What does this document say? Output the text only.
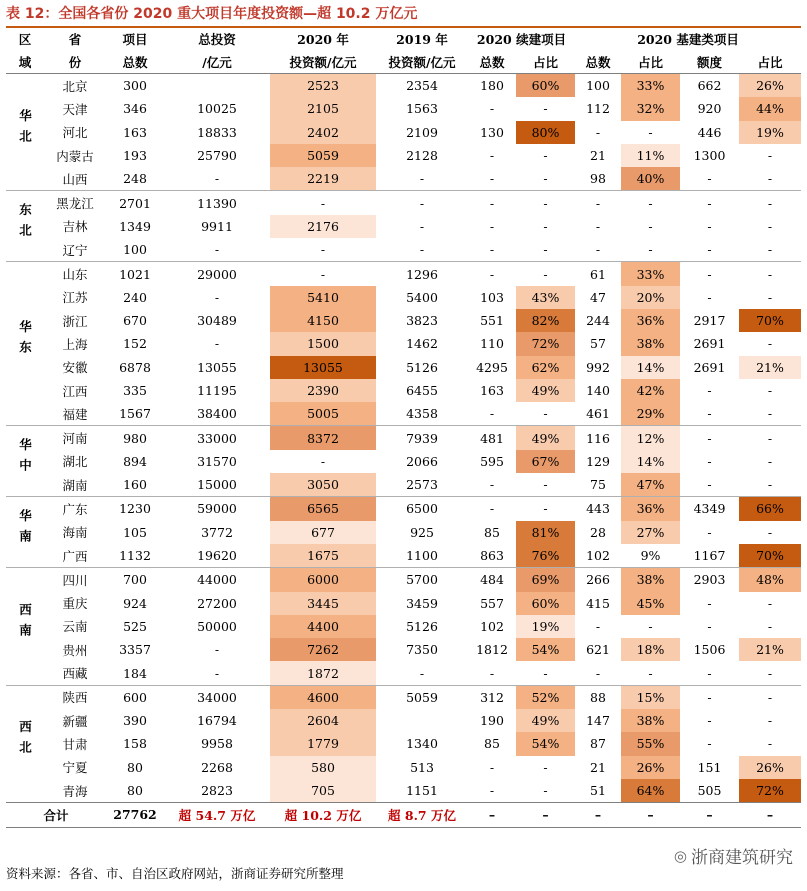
表 12：全国各省份 2020 重大项目年度投资额—超 10.2 万亿元
区	省	项目	总投资	2020 年	2019 年	2020 续建项目		2020 基建类项目			
域	份	总数	/亿元	投资额/亿元	投资额/亿元	总数	占比	总数	占比	额度	占比
华北	北京	300		2523	2354	180	60%	100	33%	662	26%
	天津	346	10025	2105	1563	-	-	112	32%	920	44%
	河北	163	18833	2402	2109	130	80%	-	-	446	19%
	内蒙古	193	25790	5059	2128	-	-	21	11%	1300	-
	山西	248	-	2219	-	-	-	98	40%	-	-
东北	黑龙江	2701	11390	-	-	-	-	-	-	-	-
	吉林	1349	9911	2176	-	-	-	-	-	-	-
	辽宁	100	-	-	-	-	-	-	-	-	-
华东	山东	1021	29000	-	1296	-	-	61	33%	-	-
	江苏	240	-	5410	5400	103	43%	47	20%	-	-
	浙江	670	30489	4150	3823	551	82%	244	36%	2917	70%
	上海	152	-	1500	1462	110	72%	57	38%	2691	-
	安徽	6878	13055	13055	5126	4295	62%	992	14%	2691	21%
	江西	335	11195	2390	6455	163	49%	140	42%	-	-
	福建	1567	38400	5005	4358	-	-	461	29%	-	-
华中	河南	980	33000	8372	7939	481	49%	116	12%	-	-
	湖北	894	31570	-	2066	595	67%	129	14%	-	-
	湖南	160	15000	3050	2573	-	-	75	47%	-	-
华南	广东	1230	59000	6565	6500	-	-	443	36%	4349	66%
	海南	105	3772	677	925	85	81%	28	27%	-	-
	广西	1132	19620	1675	1100	863	76%	102	9%	1167	70%
西南	四川	700	44000	6000	5700	484	69%	266	38%	2903	48%
	重庆	924	27200	3445	3459	557	60%	415	45%	-	-
	云南	525	50000	4400	5126	102	19%	-	-	-	-
	贵州	3357	-	7262	7350	1812	54%	621	18%	1506	21%
	西藏	184	-	1872	-	-	-	-	-	-	-
西北	陕西	600	34000	4600	5059	312	52%	88	15%	-	-
	新疆	390	16794	2604		190	49%	147	38%	-	-
	甘肃	158	9958	1779	1340	85	54%	87	55%	-	-
	宁夏	80	2268	580	513	-	-	21	26%	151	26%
	青海	80	2823	705	1151	-	-	51	64%	505	72%
合计		27762	超 54.7 万亿	超 10.2 万亿	超 8.7 万亿	–	–	–	–	–	–
◎ 浙商建筑研究
资料来源：各省、市、自治区政府网站，浙商证券研究所整理
